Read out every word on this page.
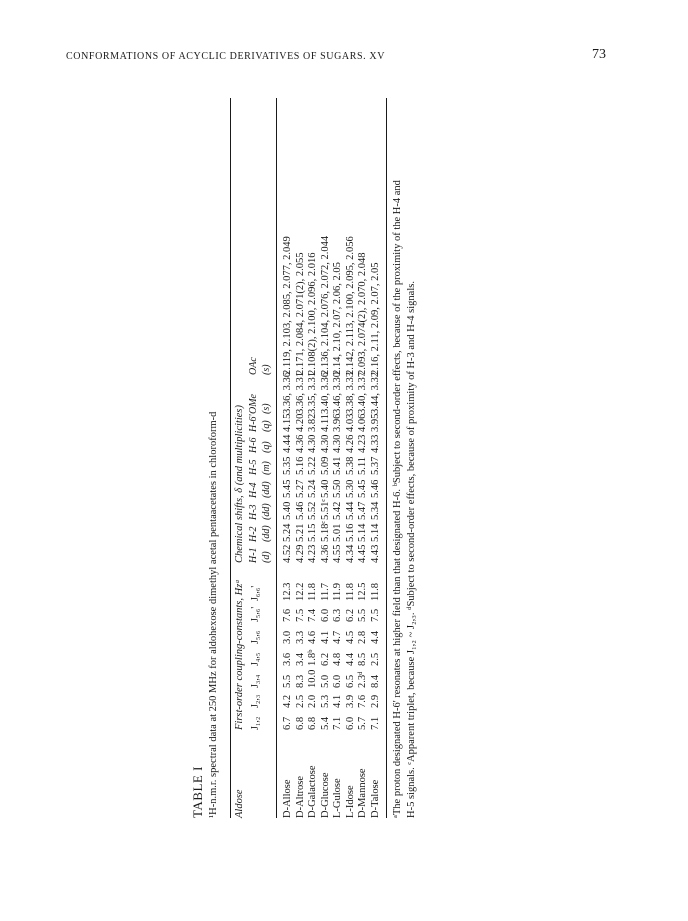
CONFORMATIONS OF ACYCLIC DERIVATIVES OF SUGARS. XV	73
TABLE I ¹H-n.m.r. spectral data at 250 MHz for aldohexose dimethyl acetal pentaacetates in chloroform-d Aldose
First-order coupling-constants, Hzᵃ
Chemical shifts, δ (and multiplicities)
J₁,₂
J₂,₃
J₃,₄
J₄,₅
J₅,₆
J₅,₆'
J₆,₆'
H-1 (d)
H-2 (dd)
H-3 (dd)
H-4 (dd)
H-5 (m)
H-6 (q)
H-6' (q)
OMe (s)
OAc (s)
D-Allose
6.7
4.2
5.5
3.6
3.0
7.6
12.3
4.52
5.24
5.40
5.45
5.35
4.44
4.15
3.36, 3.36
2.119, 2.103, 2.085, 2.077, 2.049
D-Altrose
6.8
2.5
8.3
3.4
3.3
7.5
12.2
4.29
5.21
5.46
5.27
5.16
4.36
4.20
3.36, 3.31
2.171, 2.084, 2.071(2), 2.055
D-Galactose
6.8
2.0
10.0
1.8ᵇ
4.6
7.4
11.8
4.23
5.15
5.52
5.24
5.22
4.30
3.82
3.35, 3.31
2.108(2), 2.100, 2.096, 2.016
D-Glucose
5.4
5.3
5.0
6.2
4.1
6.0
11.7
4.36
5.18ᶜ
5.51ᶜ
5.40
5.09
4.30
4.11
3.40, 3.36
2.136, 2.104, 2.076, 2.072, 2.044
L-Gulose
7.1
4.1
6.0
4.8
4.7
6.3
11.9
4.55
5.01
5.42
5.50
5.41
4.30
3.96
3.46, 3.30
2.14, 2.10, 2.07, 2.06, 2.05
L-Idose
6.0
3.9
6.5
4.4
4.5
6.2
11.8
4.34
5.16
5.44
5.30
5.38
4.26
4.03
3.38, 3.33
2.142, 2.113, 2.100, 2.095, 2.056
D-Mannose
5.7
7.6
2.3ᵈ
8.5
2.8
5.5
12.5
4.45
5.14
5.47
5.45
5.11
4.23
4.06
3.40, 3.37
2.093, 2.074(2), 2.070, 2.048
D-Talose
7.1
2.9
8.4
2.5
4.4
7.5
11.8
4.43
5.14
5.34
5.46
5.37
4.33
3.95
3.44, 3.32
2.16, 2.11, 2.09, 2.07, 2.05 ᵃThe proton designated H-6' resonates at higher field than that designated H-6. ᵇSubject to second-order effects, because of the proximity of the H-4 and H-5 signals. ᶜApparent triplet, because J₁,₂ ~ J₂,₃. ᵈSubject to second-order effects, because of proximity of H-3 and H-4 signals.
